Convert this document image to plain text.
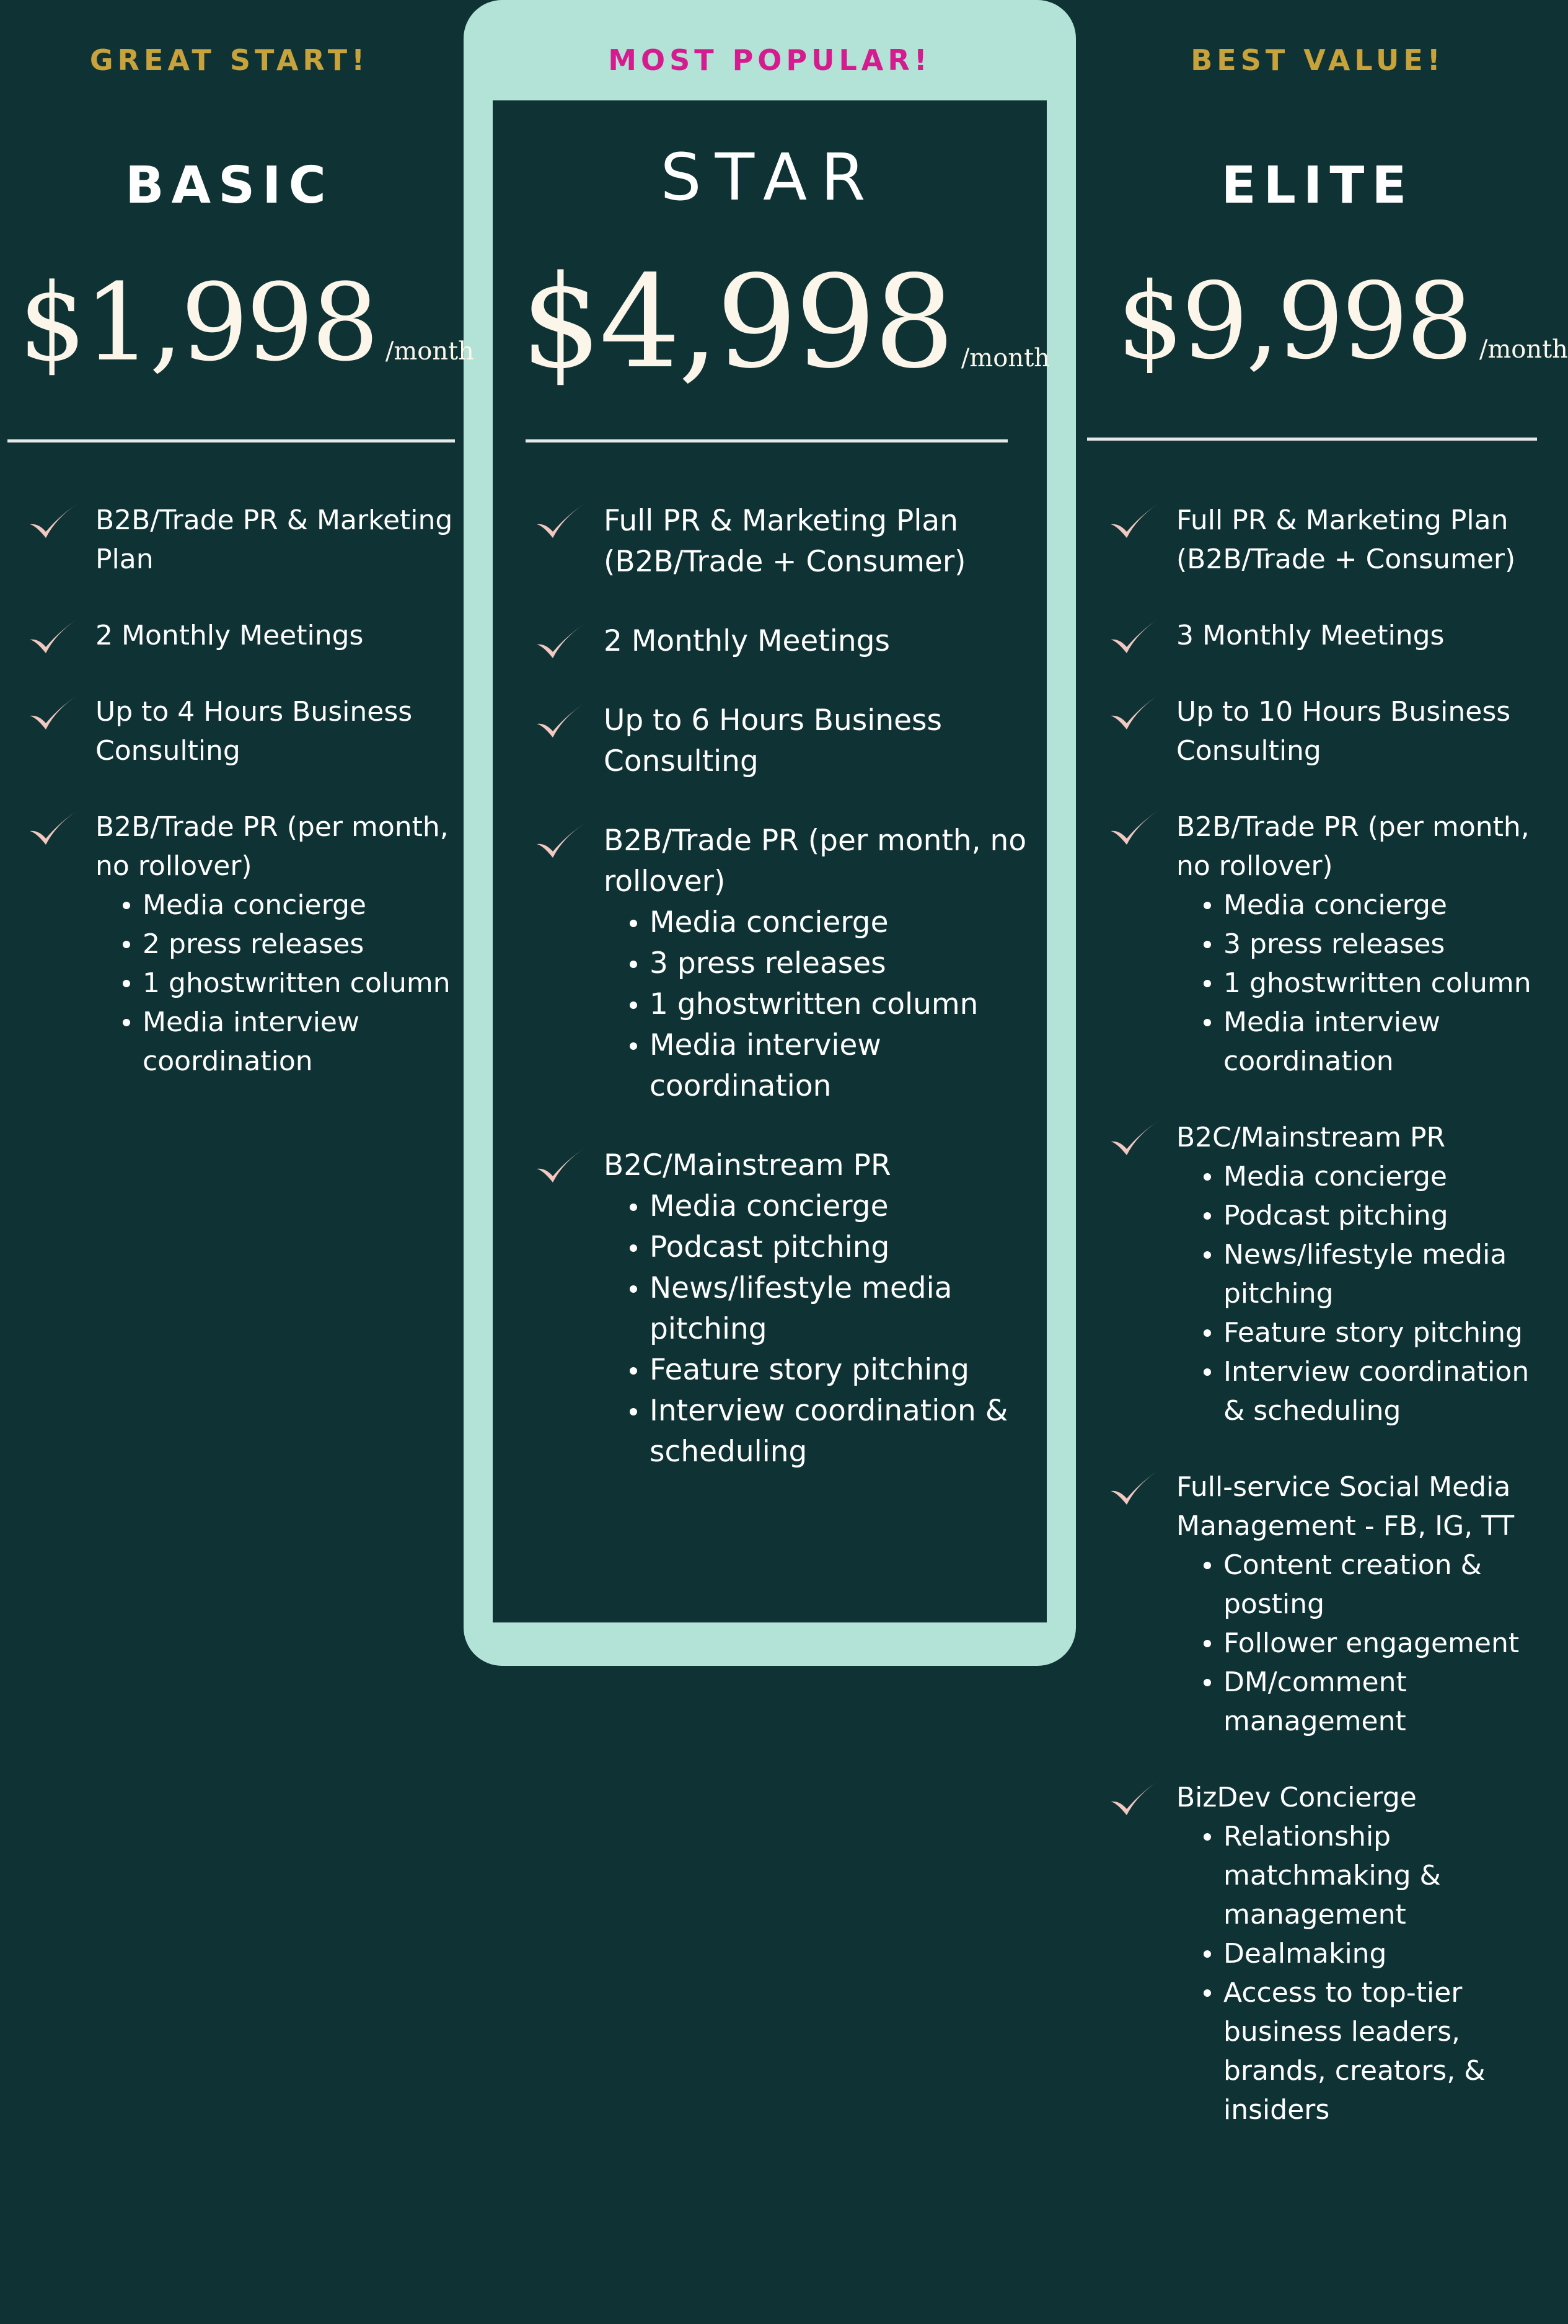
GREAT START!
BASIC
$1,998 /month
B2B/Trade PR & Marketing Plan
2 Monthly Meetings
Up to 4 Hours Business Consulting
B2B/Trade PR (per month, no rollover)
Media concierge
2 press releases
1 ghostwritten column
Media interview coordination
MOST POPULAR!
STAR
$4,998 /month
Full PR & Marketing Plan (B2B/Trade + Consumer)
2 Monthly Meetings
Up to 6 Hours Business Consulting
B2B/Trade PR (per month, no rollover)
Media concierge
3 press releases
1 ghostwritten column
Media interview coordination
B2C/Mainstream PR
Media concierge
Podcast pitching
News/lifestyle media pitching
Feature story pitching
Interview coordination & scheduling
BEST VALUE!
ELITE
$9,998 /month
Full PR & Marketing Plan (B2B/Trade + Consumer)
3 Monthly Meetings
Up to 10 Hours Business Consulting
B2B/Trade PR (per month, no rollover)
Media concierge
3 press releases
1 ghostwritten column
Media interview coordination
B2C/Mainstream PR
Media concierge
Podcast pitching
News/lifestyle media pitching
Feature story pitching
Interview coordination & scheduling
Full-service Social Media Management - FB, IG, TT
Content creation & posting
Follower engagement
DM/comment management
BizDev Concierge
Relationship matchmaking & management
Dealmaking
Access to top-tier business leaders, brands, creators, & insiders
